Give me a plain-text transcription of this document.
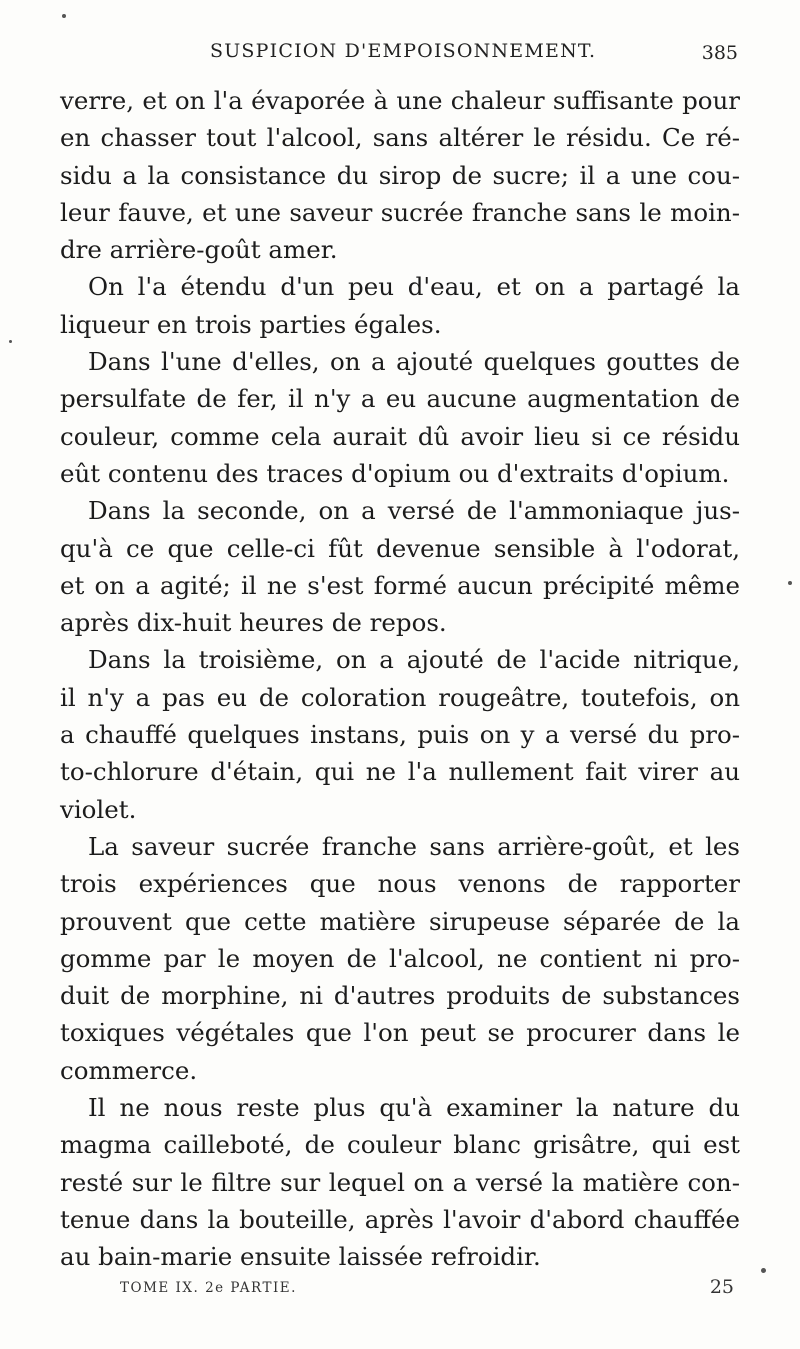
SUSPICION D'EMPOISONNEMENT.	385
verre, et on l'a évaporée à une chaleur suffisante pour
en chasser tout l'alcool, sans altérer le résidu. Ce ré-
sidu a la consistance du sirop de sucre; il a une cou-
leur fauve, et une saveur sucrée franche sans le moin-
dre arrière-goût amer.
On l'a étendu d'un peu d'eau, et on a partagé la
liqueur en trois parties égales.
Dans l'une d'elles, on a ajouté quelques gouttes de
persulfate de fer, il n'y a eu aucune augmentation de
couleur, comme cela aurait dû avoir lieu si ce résidu
eût contenu des traces d'opium ou d'extraits d'opium.
Dans la seconde, on a versé de l'ammoniaque jus-
qu'à ce que celle-ci fût devenue sensible à l'odorat,
et on a agité; il ne s'est formé aucun précipité même
après dix-huit heures de repos.
Dans la troisième, on a ajouté de l'acide nitrique,
il n'y a pas eu de coloration rougeâtre, toutefois, on
a chauffé quelques instans, puis on y a versé du pro-
to-chlorure d'étain, qui ne l'a nullement fait virer au
violet.
La saveur sucrée franche sans arrière-goût, et les
trois expériences que nous venons de rapporter
prouvent que cette matière sirupeuse séparée de la
gomme par le moyen de l'alcool, ne contient ni pro-
duit de morphine, ni d'autres produits de substances
toxiques végétales que l'on peut se procurer dans le
commerce.
Il ne nous reste plus qu'à examiner la nature du
magma cailleboté, de couleur blanc grisâtre, qui est
resté sur le filtre sur lequel on a versé la matière con-
tenue dans la bouteille, après l'avoir d'abord chauffée
au bain-marie ensuite laissée refroidir.
TOME IX. 2e PARTIE.	25
